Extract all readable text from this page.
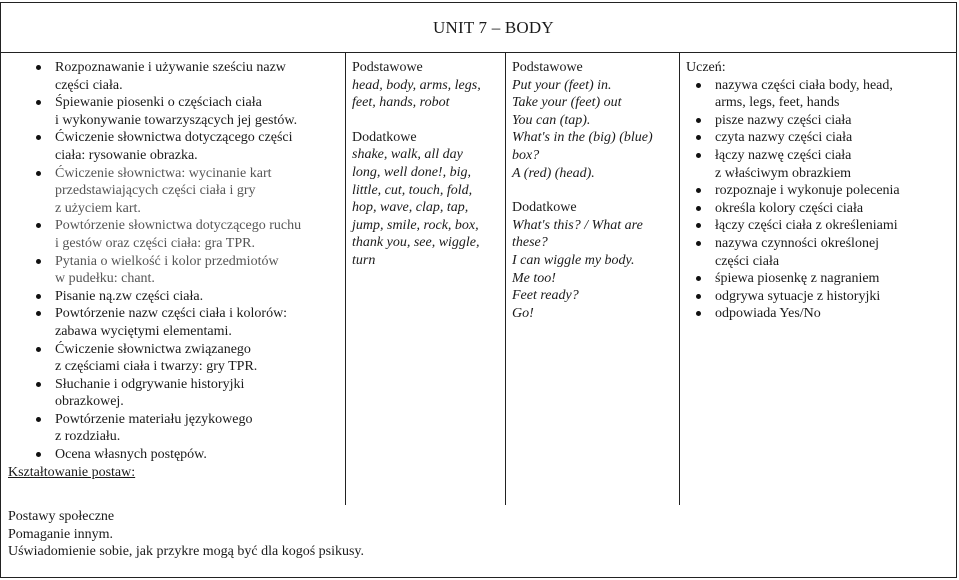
UNIT 7 – BODY
Rozpoznawanie i używanie sześciu nazw
części ciała.
Śpiewanie piosenki o częściach ciała
i wykonywanie towarzyszących jej gestów.
Ćwiczenie słownictwa dotyczącego części
ciała: rysowanie obrazka.
Ćwiczenie słownictwa: wycinanie kart
przedstawiających części ciała i gry
z użyciem kart.
Powtórzenie słownictwa dotyczącego ruchu
i gestów oraz części ciała: gra TPR.
Pytania o wielkość i kolor przedmiotów
w pudełku: chant.
Pisanie ną.zw części ciała.
Powtórzenie nazw części ciała i kolorów:
zabawa wyciętymi elementami.
Ćwiczenie słownictwa związanego
z częściami ciała i twarzy: gry TPR.
Słuchanie i odgrywanie historyjki
obrazkowej.
Powtórzenie materiału językowego
z rozdziału.
Ocena własnych postępów.
Kształtowanie postaw:
Postawy społeczne
Pomaganie innym.
Uświadomienie sobie, jak przykre mogą być dla kogoś psikusy.
Podstawowe
head, body, arms, legs,
feet, hands, robot
Dodatkowe
shake, walk, all day
long, well done!, big,
little, cut, touch, fold,
hop, wave, clap, tap,
jump, smile, rock, box,
thank you, see, wiggle,
turn
Podstawowe
Put your (feet) in.
Take your (feet) out
You can (tap).
What's in the (big) (blue)
box?
A (red) (head).
Dodatkowe
What's this? / What are
these?
I can wiggle my body.
Me too!
Feet ready?
Go!
Uczeń:
nazywa części ciała body, head,
arms, legs, feet, hands
pisze nazwy części ciała
czyta nazwy części ciała
łączy nazwę części ciała
z właściwym obrazkiem
rozpoznaje i wykonuje polecenia
określa kolory części ciała
łączy części ciała z określeniami
nazywa czynności określonej
części ciała
śpiewa piosenkę z nagraniem
odgrywa sytuacje z historyjki
odpowiada Yes/No
